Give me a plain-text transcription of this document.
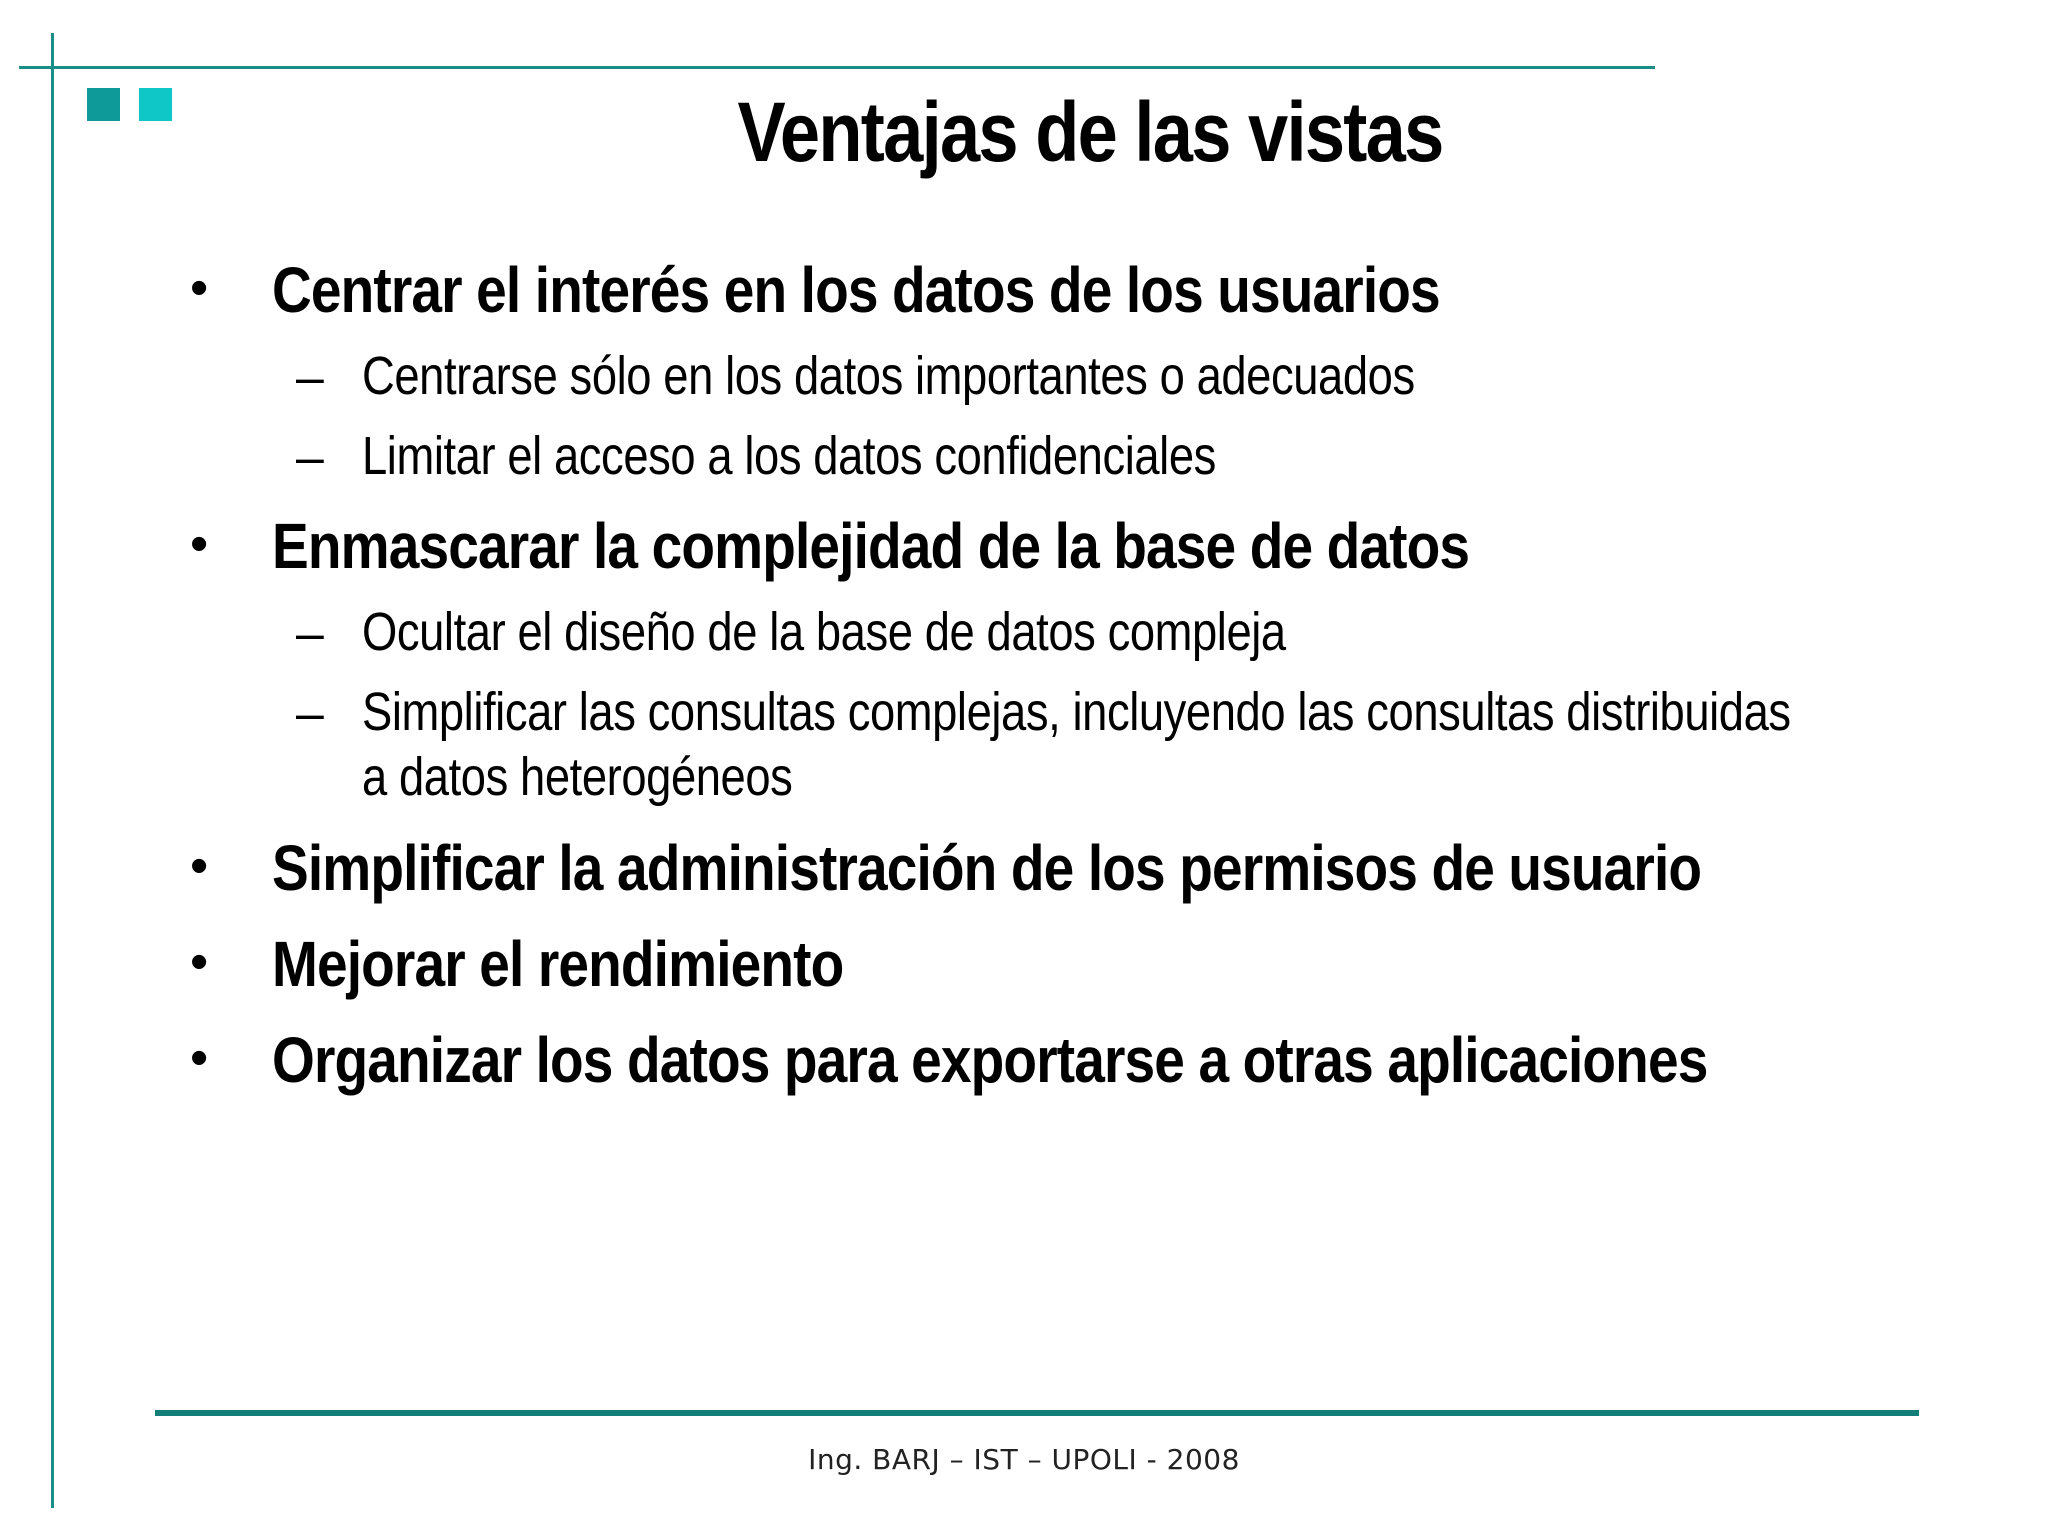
Ventajas de las vistas
• Centrar el interés en los datos de los usuarios
– Centrarse sólo en los datos importantes o adecuados
– Limitar el acceso a los datos confidenciales
• Enmascarar la complejidad de la base de datos
– Ocultar el diseño de la base de datos compleja
– Simplificar las consultas complejas, incluyendo las consultas distribuidas
a datos heterogéneos
• Simplificar la administración de los permisos de usuario
• Mejorar el rendimiento
• Organizar los datos para exportarse a otras aplicaciones
Ing. BARJ – IST – UPOLI - 2008
